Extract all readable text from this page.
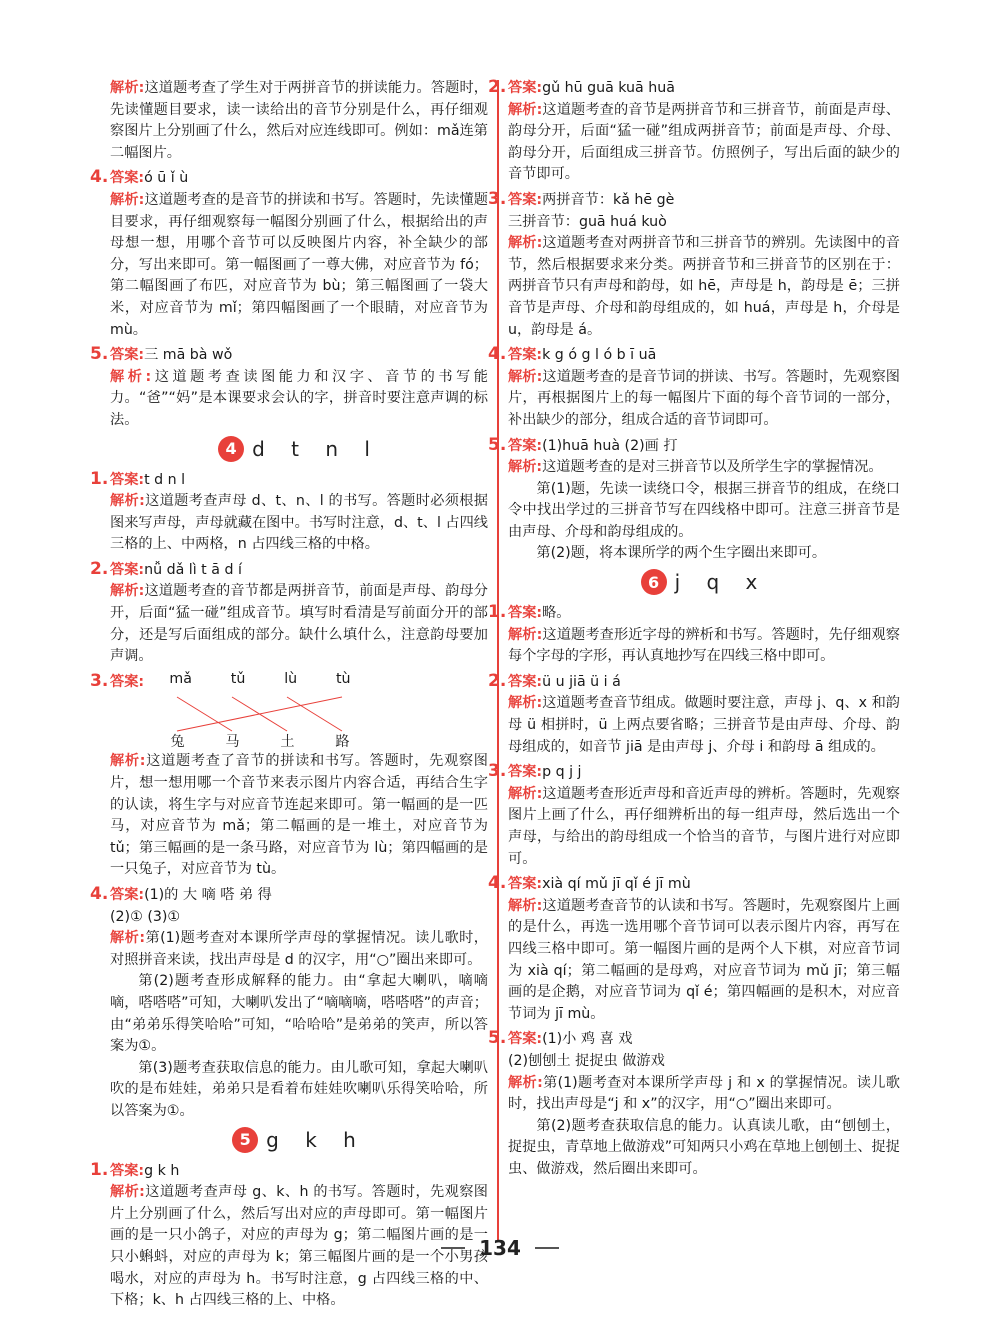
解析:这道题考查了学生对于两拼音节的拼读能力。答题时，先读懂题目要求，读一读给出的音节分别是什么，再仔细观察图片上分别画了什么，然后对应连线即可。例如：mǎ连第二幅图片。

4. 答案:ó ū ǐ ù

解析:这道题考查的是音节的拼读和书写。答题时，先读懂题目要求，再仔细观察每一幅图分别画了什么，根据给出的声母想一想，用哪个音节可以反映图片内容，补全缺少的部分，写出来即可。第一幅图画了一尊大佛，对应音节为 fó；第二幅图画了布匹，对应音节为 bù；第三幅图画了一袋大米，对应音节为 mǐ；第四幅图画了一个眼睛，对应音节为 mù。

5. 答案:三 mā bà wǒ

解析:这道题考查读图能力和汉字、音节的书写能力。“爸”“妈”是本课要求会认的字，拼音时要注意声调的标法。

4 d t n l
1. 答案:t d n l

解析:这道题考查声母 d、t、n、l 的书写。答题时必须根据图来写声母，声母就藏在图中。书写时注意，d、t、l 占四线三格的上、中两格，n 占四线三格的中格。

2. 答案:nǚ dǎ lì t ā d í

解析:这道题考查的音节都是两拼音节，前面是声母、韵母分开，后面“猛一碰”组成音节。填写时看清是写前面分开的部分，还是写后面组成的部分。缺什么填什么，注意韵母要加声调。

3. 答案:	mǎ	tǔ	lù	tù
兔	马	土	路

解析:这道题考查了音节的拼读和书写。答题时，先观察图片，想一想用哪一个音节来表示图片内容合适，再结合生字的认读，将生字与对应音节连起来即可。第一幅画的是一匹马，对应音节为 mǎ；第二幅画的是一堆土，对应音节为 tǔ；第三幅画的是一条马路，对应音节为 lù；第四幅画的是一只兔子，对应音节为 tù。

4. 答案:(1)的 大 嘀 嗒 弟 得

(2)① (3)①

解析:第(1)题考查对本课所学声母的掌握情况。读儿歌时，对照拼音来读，找出声母是 d 的汉字，用“○”圈出来即可。

第(2)题考查形成解释的能力。由“拿起大喇叭，嘀嘀嘀，嗒嗒嗒”可知，大喇叭发出了“嘀嘀嘀，嗒嗒嗒”的声音；由“弟弟乐得笑哈哈”可知，“哈哈哈”是弟弟的笑声，所以答案为①。

第(3)题考查获取信息的能力。由儿歌可知，拿起大喇叭吹的是布娃娃，弟弟只是看着布娃娃吹喇叭乐得笑哈哈，所以答案为①。

5 g k h
1. 答案:g k h

解析:这道题考查声母 g、k、h 的书写。答题时，先观察图片上分别画了什么，然后写出对应的声母即可。第一幅图片画的是一只小鸽子，对应的声母为 g；第二幅图片画的是一只小蝌蚪，对应的声母为 k；第三幅图片画的是一个小男孩喝水，对应的声母为 h。书写时注意，g 占四线三格的中、下格；k、h 占四线三格的上、中格。

2. 答案:gǔ hū guā kuā huā

解析:这道题考查的音节是两拼音节和三拼音节，前面是声母、韵母分开，后面“猛一碰”组成两拼音节；前面是声母、介母、韵母分开，后面组成三拼音节。仿照例子，写出后面的缺少的音节即可。

3. 答案:两拼音节：kǎ hē gè

三拼音节：guā huá kuò

解析:这道题考查对两拼音节和三拼音节的辨别。先读图中的音节，然后根据要求来分类。两拼音节和三拼音节的区别在于：两拼音节只有声母和韵母，如 hē，声母是 h，韵母是 ē；三拼音节是声母、介母和韵母组成的，如 huá，声母是 h，介母是 u，韵母是 á。

4. 答案:k g ó g l ó b ī uā

解析:这道题考查的是音节词的拼读、书写。答题时，先观察图片，再根据图片上的每一幅图片下面的每个音节词的一部分，补出缺少的部分，组成合适的音节词即可。

5. 答案:(1)huā huà (2)画 打

解析:这道题考查的是对三拼音节以及所学生字的掌握情况。

第(1)题，先读一读绕口令，根据三拼音节的组成，在绕口令中找出学过的三拼音节写在四线格中即可。注意三拼音节是由声母、介母和韵母组成的。

第(2)题，将本课所学的两个生字圈出来即可。

6 j q x
1. 答案:略。

解析:这道题考查形近字母的辨析和书写。答题时，先仔细观察每个字母的字形，再认真地抄写在四线三格中即可。

2. 答案:ü u jiā ü i á

解析:这道题考查音节组成。做题时要注意，声母 j、q、x 和韵母 ü 相拼时，ü 上两点要省略；三拼音节是由声母、介母、韵母组成的，如音节 jiā 是由声母 j、介母 i 和韵母 ā 组成的。

3. 答案:p q j j

解析:这道题考查形近声母和音近声母的辨析。答题时，先观察图片上画了什么，再仔细辨析出的每一组声母，然后选出一个声母，与给出的韵母组成一个恰当的音节，与图片进行对应即可。

4. 答案:xià qí mǔ jī qǐ é jī mù

解析:这道题考查音节的认读和书写。答题时，先观察图片上画的是什么，再选一选用哪个音节词可以表示图片内容，再写在四线三格中即可。第一幅图片画的是两个人下棋，对应音节词为 xià qí；第二幅画的是母鸡，对应音节词为 mǔ jī；第三幅画的是企鹅，对应音节词为 qǐ é；第四幅画的是积木，对应音节词为 jī mù。

5. 答案:(1)小 鸡 喜 戏

(2)刨刨土 捉捉虫 做游戏

解析:第(1)题考查对本课所学声母 j 和 x 的掌握情况。读儿歌时，找出声母是“j 和 x”的汉字，用“○”圈出来即可。

第(2)题考查获取信息的能力。认真读儿歌，由“刨刨土，捉捉虫，青草地上做游戏”可知两只小鸡在草地上刨刨土、捉捉虫、做游戏，然后圈出来即可。

134
